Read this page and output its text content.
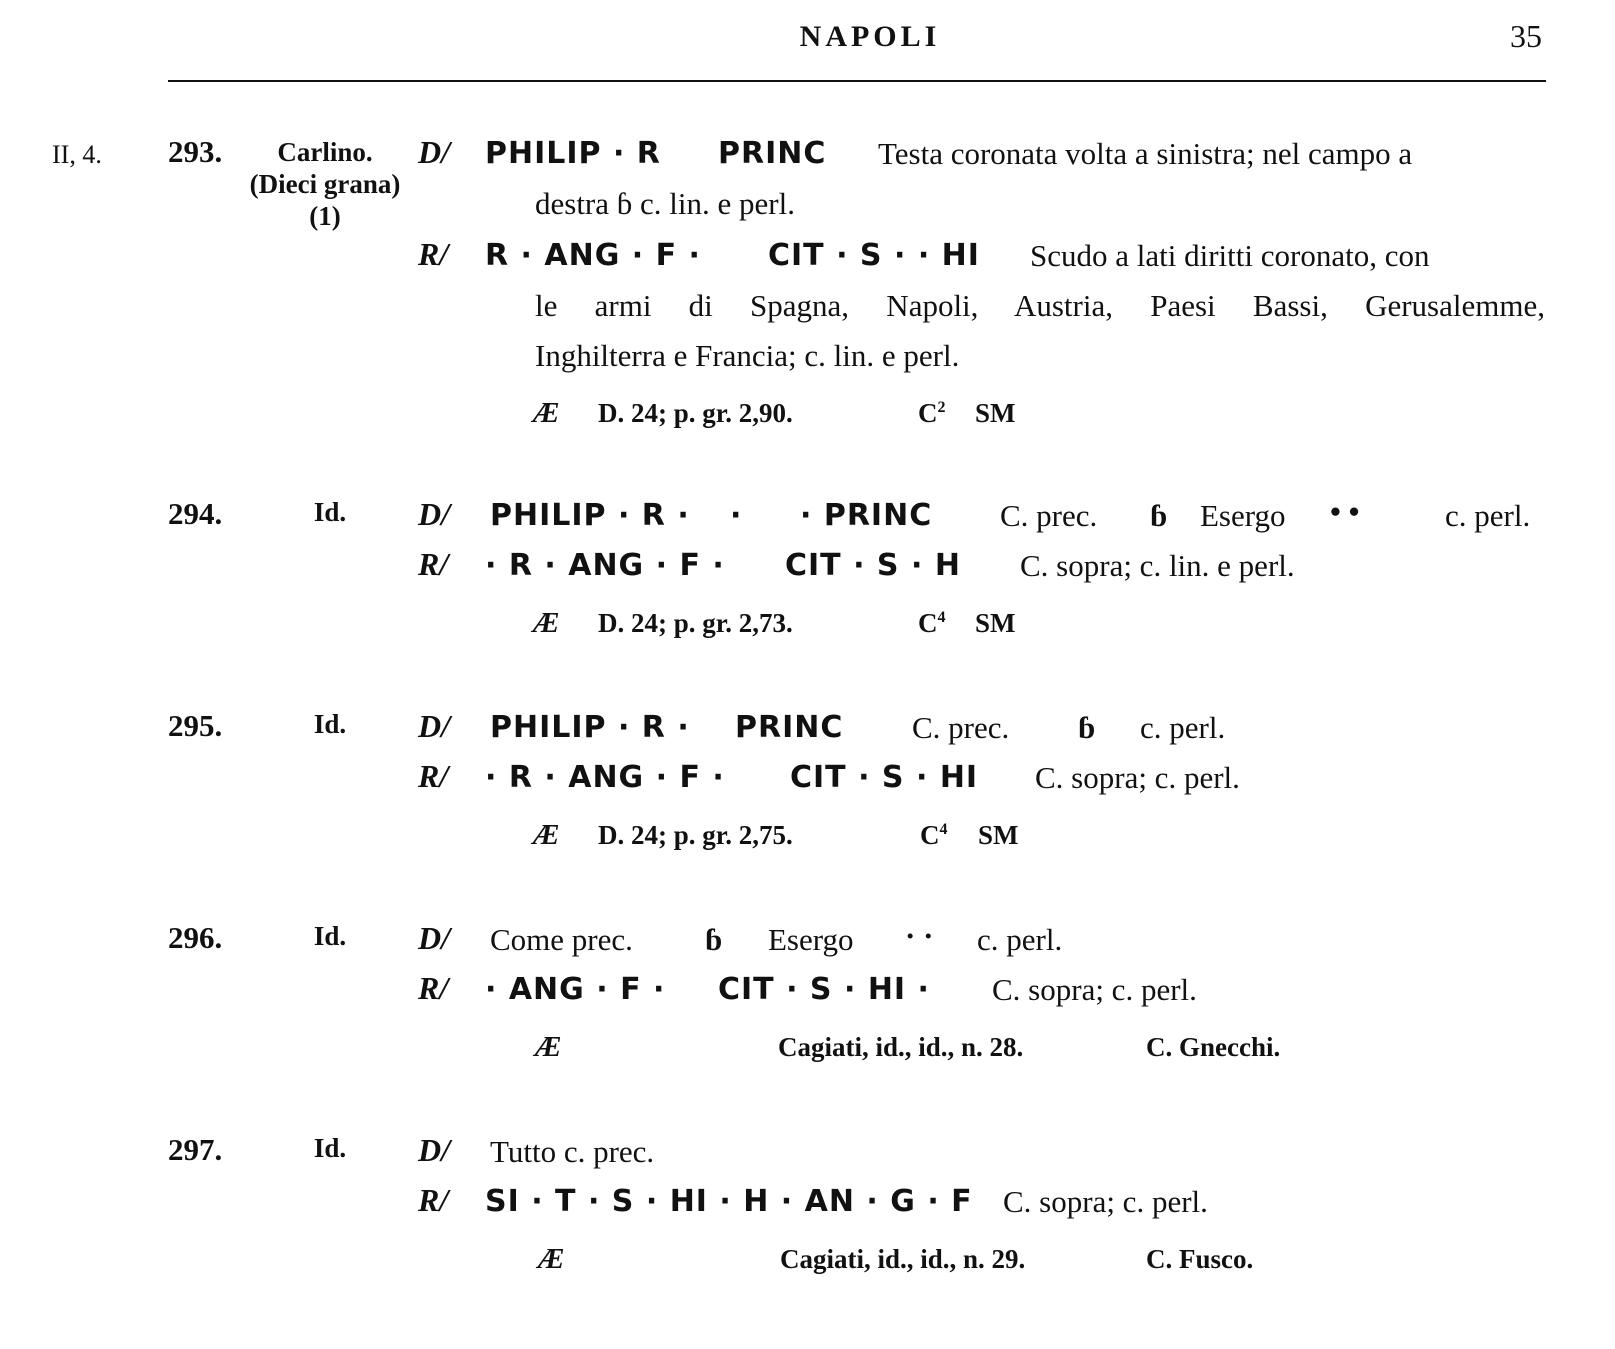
NAPOLI	35
II, 4. 293.	Carlino.
(Dieci grana)
(1)
D/ PHILIP · R PRINC Testa coronata volta a sinistra; nel campo a
destra ɓ c. lin. e perl.
R/ R · ANG · F · CIT · S · · HI Scudo a lati diritti coronato, con
le armi di Spagna, Napoli, Austria, Paesi Bassi, Gerusalemme,
Inghilterra e Francia; c. lin. e perl.
Æ D. 24; p. gr. 2,90.	$C^2$ SM
294.	Id.	D/ PHILIP · R · · · PRINC C. prec. ɓ Esergo • •	c. perl.
R/ · R · ANG · F · CIT · S · H C. sopra; c. lin. e perl.
Æ D. 24; p. gr. 2,73.	$C^4$ SM
295.	Id.	D/ PHILIP · R · PRINC C. prec. ɓ c. perl.
R/ · R · ANG · F · CIT · S · HI C. sopra; c. perl.
Æ D. 24; p. gr. 2,75.	$C^4$ SM
296.	Id.	D/ Come prec. ɓ Esergo · · c. perl.
R/ · ANG · F · CIT · S · HI · C. sopra; c. perl.
Æ	Cagiati, id., id., n. 28.	C. Gnecchi.
297.	Id.	D/ Tutto c. prec.
R/ SI · T · S · HI · H · AN · G · F C. sopra; c. perl.
Æ	Cagiati, id., id., n. 29.	C. Fusco.
